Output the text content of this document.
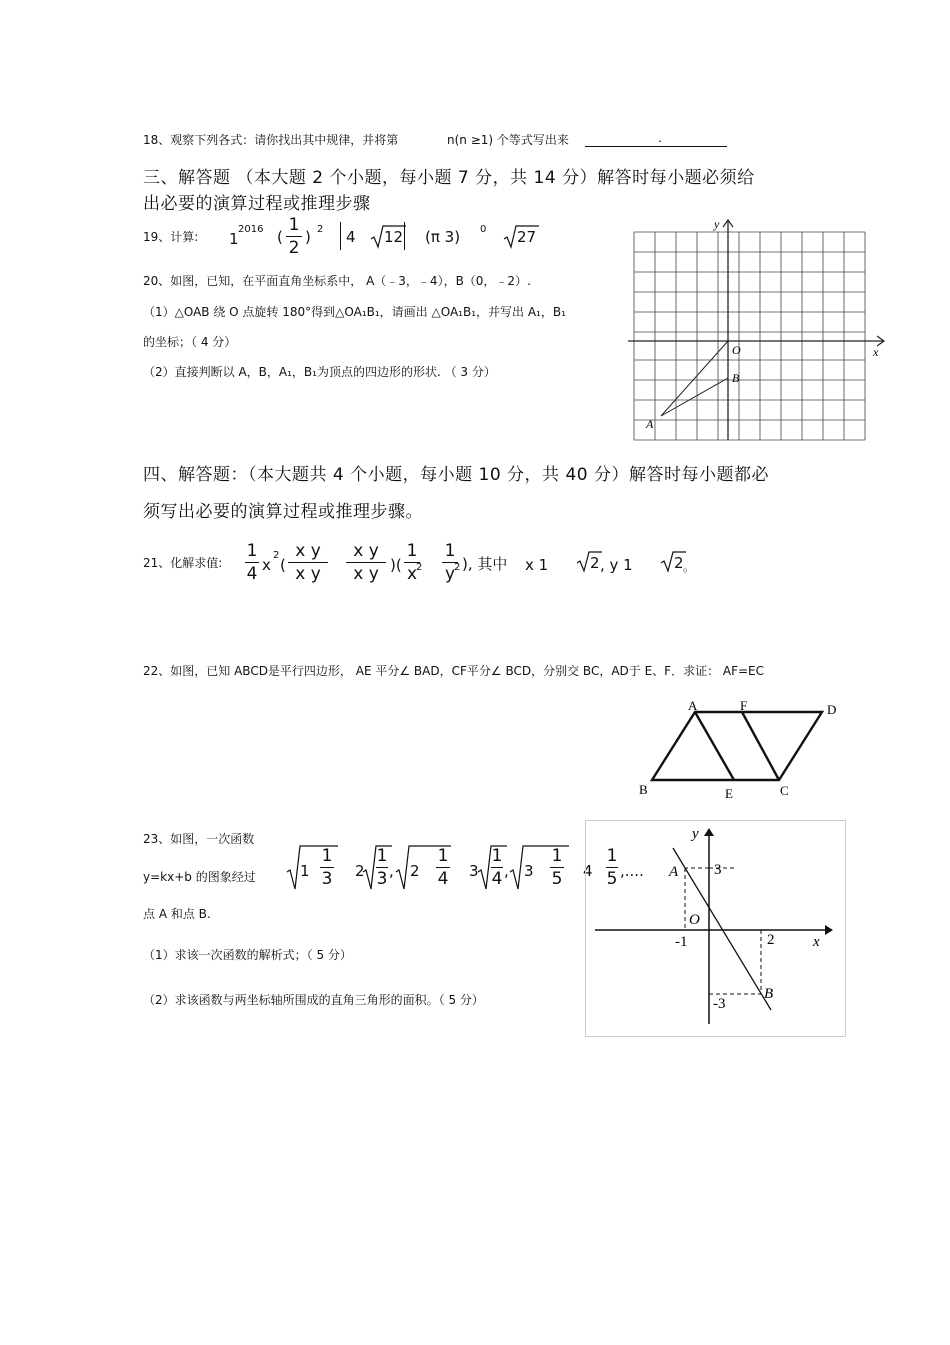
18、观察下列各式：请你找出其中规律，并将第	n(n ≥1) 个等式写出来	.
三、解答题 （本大题 2 个小题，每小题 7 分，共 14 分）解答时每小题必须给
出必要的演算过程或推理步骤
19、计算: 1
2016 (
1
2
) 2 4 12 (π 3) 0 27
20、如图，已知，在平面直角坐标系中， A（﹣3，﹣4），B（0，﹣2）.
（1）△OAB 绕 O 点旋转 180°得到△OA₁B₁，请画出 △OA₁B₁，并写出 A₁，B₁
的坐标；（ 4 分）
（2）直接判断以 A，B，A₁，B₁为顶点的四边形的形状. （ 3 分）
x
y
O
B
A
四、解答题：（本大题共 4 个小题，每小题 10 分，共 40 分）解答时每小题都必
须写出必要的演算过程或推理步骤。
21、化解求值:
1
4 x
2
(
x y
x y
x y
x y )(
1
x
2
1
y
2 ), 其中 x 1	2 , y 1	2 。
22、如图，已知 ABCD是平行四边形， AE 平分∠ BAD，CF平分∠ BCD，分别交 BC，AD于 E、F．求证： AF=EC
A	F	D
B	E	C
23、如图，一次函数
y=kx+b 的图象经过
点 A 和点 B.
（1）求该一次函数的解析式；（ 5 分）
（2）求该函数与两坐标轴所围成的直角三角形的面积。（ 5 分）
1
1
3 2
1
3 , 2
1
4 3
1
4 , 3
1
5 4
1
5 ,....
y
x
A 3
O
-1	2
-3
B
